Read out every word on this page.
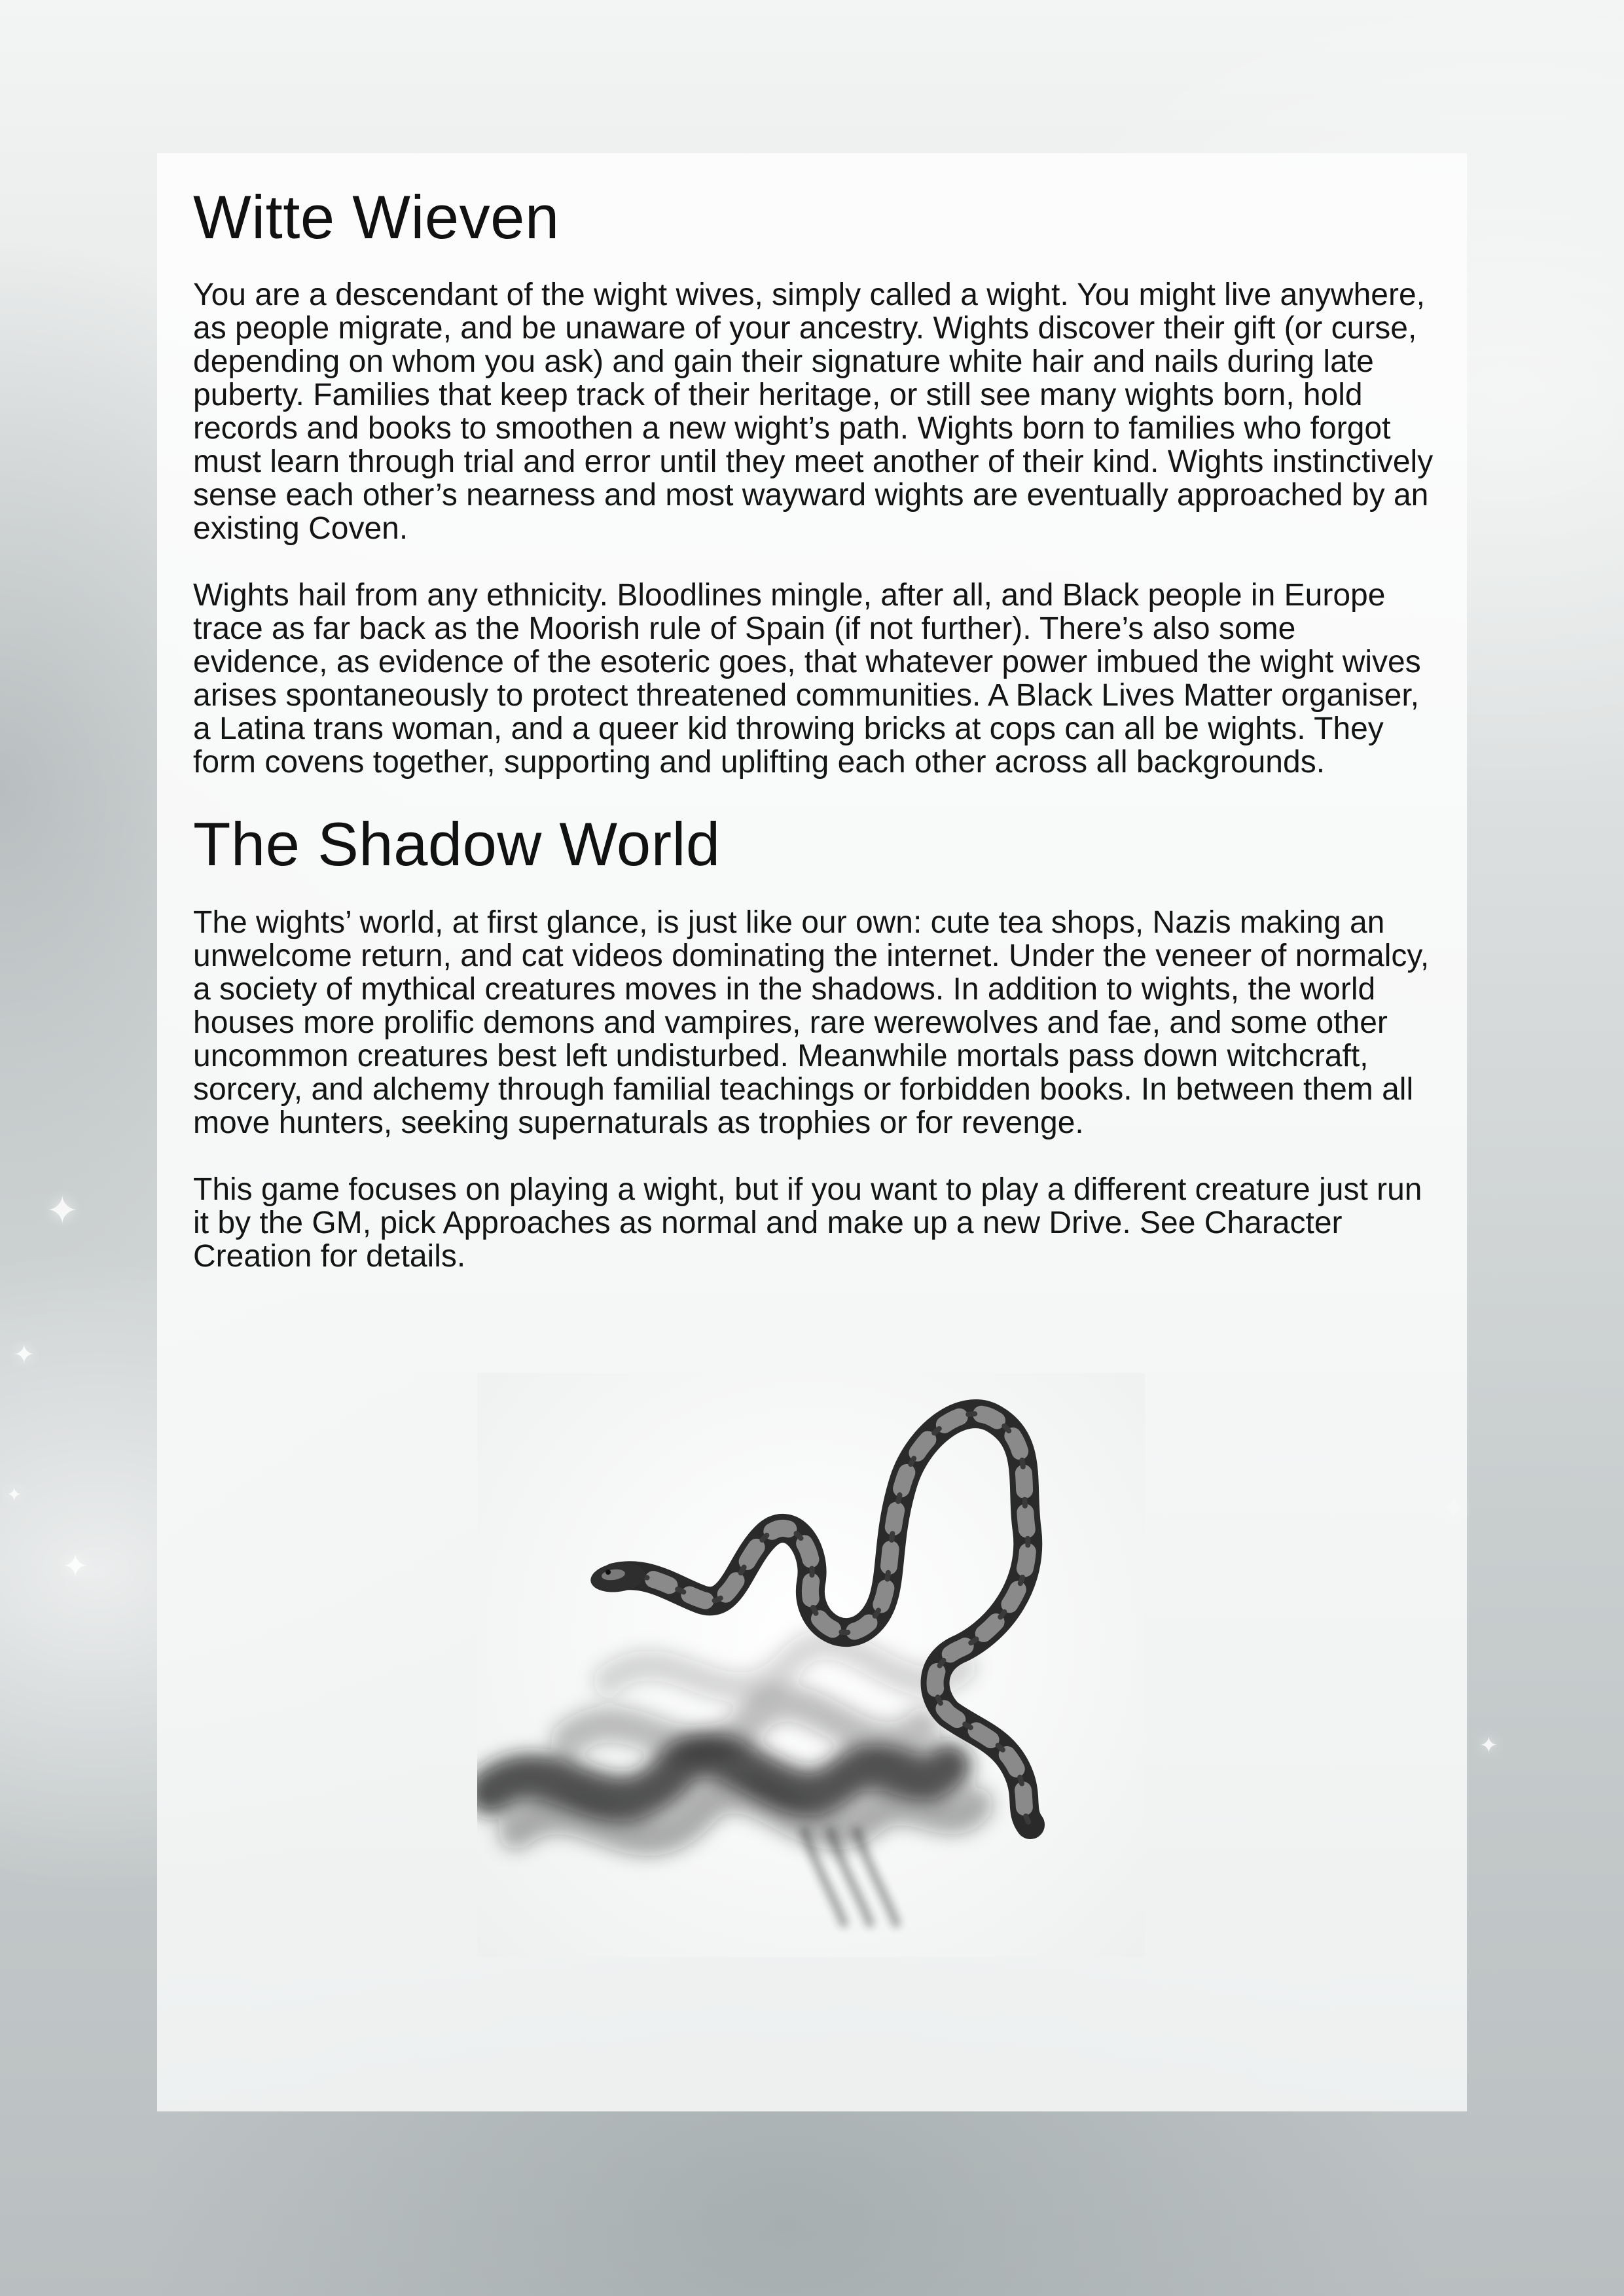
✦
✦
✦
✦
✦
Witte Wieven

You are a descendant of the wight wives, simply called a wight. You might live anywhere, as people migrate, and be unaware of your ancestry. Wights discover their gift (or curse, depending on whom you ask) and gain their signature white hair and nails during late puberty. Families that keep track of their heritage, or still see many wights born, hold records and books to smoothen a new wight’s path. Wights born to families who forgot must learn through trial and error until they meet another of their kind. Wights instinctively sense each other’s nearness and most wayward wights are eventually approached by an existing Coven.

Wights hail from any ethnicity. Bloodlines mingle, after all, and Black people in Europe trace as far back as the Moorish rule of Spain (if not further). There’s also some evidence, as evidence of the esoteric goes, that whatever power imbued the wight wives arises spontaneously to protect threatened communities. A Black Lives Matter organiser, a Latina trans woman, and a queer kid throwing bricks at cops can all be wights. They form covens together, supporting and uplifting each other across all backgrounds.

The Shadow World

The wights’ world, at first glance, is just like our own: cute tea shops, Nazis making an unwelcome return, and cat videos dominating the internet. Under the veneer of normalcy, a society of mythical creatures moves in the shadows. In addition to wights, the world houses more prolific demons and vampires, rare werewolves and fae, and some other uncommon creatures best left undisturbed. Meanwhile mortals pass down witchcraft, sorcery, and alchemy through familial teachings or forbidden books. In between them all move hunters, seeking supernaturals as trophies or for revenge.

This game focuses on playing a wight, but if you want to play a different creature just run it by the GM, pick Approaches as normal and make up a new Drive. See Character Creation for details.
